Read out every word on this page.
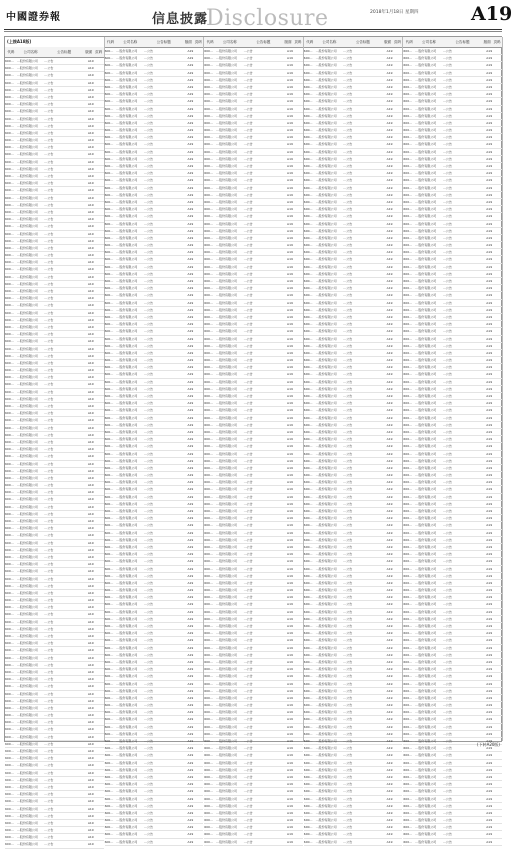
中國證券報	信息披露
Disclosure	2018年1月18日 星期四	A19
(上接A18版)
代码	公司名称	公告标题	版面 页码
600…	…股份有限公司	…公告	A19
600…	…股份有限公司	…公告	A19
600…	…股份有限公司	…公告	A19
600…	…股份有限公司	…公告	A19
600…	…股份有限公司	…公告	A19
600…	…股份有限公司	…公告	A19
600…	…股份有限公司	…公告	A19
600…	…股份有限公司	…公告	A19
600…	…股份有限公司	…公告	A19
600…	…股份有限公司	…公告	A19
600…	…股份有限公司	…公告	A19
600…	…股份有限公司	…公告	A19
600…	…股份有限公司	…公告	A19
600…	…股份有限公司	…公告	A19
600…	…股份有限公司	…公告	A19
600…	…股份有限公司	…公告	A19
600…	…股份有限公司	…公告	A19
600…	…股份有限公司	…公告	A19
600…	…股份有限公司	…公告	A19
600…	…股份有限公司	…公告	A19
600…	…股份有限公司	…公告	A19
600…	…股份有限公司	…公告	A19
600…	…股份有限公司	…公告	A19
600…	…股份有限公司	…公告	A19
600…	…股份有限公司	…公告	A19
600…	…股份有限公司	…公告	A19
600…	…股份有限公司	…公告	A19
600…	…股份有限公司	…公告	A19
600…	…股份有限公司	…公告	A19
600…	…股份有限公司	…公告	A19
600…	…股份有限公司	…公告	A19
600…	…股份有限公司	…公告	A19
600…	…股份有限公司	…公告	A19
600…	…股份有限公司	…公告	A19
600…	…股份有限公司	…公告	A19
600…	…股份有限公司	…公告	A19
600…	…股份有限公司	…公告	A19
600…	…股份有限公司	…公告	A19
600…	…股份有限公司	…公告	A19
600…	…股份有限公司	…公告	A19
600…	…股份有限公司	…公告	A19
600…	…股份有限公司	…公告	A19
600…	…股份有限公司	…公告	A19
600…	…股份有限公司	…公告	A19
600…	…股份有限公司	…公告	A19
600…	…股份有限公司	…公告	A19
600…	…股份有限公司	…公告	A19
600…	…股份有限公司	…公告	A19
600…	…股份有限公司	…公告	A19
600…	…股份有限公司	…公告	A19
600…	…股份有限公司	…公告	A19
600…	…股份有限公司	…公告	A19
600…	…股份有限公司	…公告	A19
600…	…股份有限公司	…公告	A19
600…	…股份有限公司	…公告	A19
600…	…股份有限公司	…公告	A19
600…	…股份有限公司	…公告	A19
600…	…股份有限公司	…公告	A19
600…	…股份有限公司	…公告	A19
600…	…股份有限公司	…公告	A19
600…	…股份有限公司	…公告	A19
600…	…股份有限公司	…公告	A19
600…	…股份有限公司	…公告	A19
600…	…股份有限公司	…公告	A19
600…	…股份有限公司	…公告	A19
600…	…股份有限公司	…公告	A19
600…	…股份有限公司	…公告	A19
600…	…股份有限公司	…公告	A19
600…	…股份有限公司	…公告	A19
600…	…股份有限公司	…公告	A19
600…	…股份有限公司	…公告	A19
600…	…股份有限公司	…公告	A19
600…	…股份有限公司	…公告	A19
600…	…股份有限公司	…公告	A19
600…	…股份有限公司	…公告	A19
600…	…股份有限公司	…公告	A19
600…	…股份有限公司	…公告	A19
600…	…股份有限公司	…公告	A19
600…	…股份有限公司	…公告	A19
600…	…股份有限公司	…公告	A19
600…	…股份有限公司	…公告	A19
600…	…股份有限公司	…公告	A19
600…	…股份有限公司	…公告	A19
600…	…股份有限公司	…公告	A19
600…	…股份有限公司	…公告	A19
600…	…股份有限公司	…公告	A19
600…	…股份有限公司	…公告	A19
600…	…股份有限公司	…公告	A19
600…	…股份有限公司	…公告	A19
600…	…股份有限公司	…公告	A19
600…	…股份有限公司	…公告	A19
600…	…股份有限公司	…公告	A19
600…	…股份有限公司	…公告	A19
600…	…股份有限公司	…公告	A19
600…	…股份有限公司	…公告	A19
600…	…股份有限公司	…公告	A19
600…	…股份有限公司	…公告	A19
600…	…股份有限公司	…公告	A19
600…	…股份有限公司	…公告	A19
600…	…股份有限公司	…公告	A19
600…	…股份有限公司	…公告	A19
600…	…股份有限公司	…公告	A19
600…	…股份有限公司	…公告	A19
600…	…股份有限公司	…公告	A19
600…	…股份有限公司	…公告	A19
600…	…股份有限公司	…公告	A19
600…	…股份有限公司	…公告	A19
600…	…股份有限公司	…公告	A19
600…	…股份有限公司	…公告	A19
600…	…股份有限公司	…公告	A19
代码	公司名称	公告标题	版面 页码
600…	…股份有限公司	…公告	A19
600…	…股份有限公司	…公告	A19
600…	…股份有限公司	…公告	A19
600…	…股份有限公司	…公告	A19
600…	…股份有限公司	…公告	A19
600…	…股份有限公司	…公告	A19
600…	…股份有限公司	…公告	A19
600…	…股份有限公司	…公告	A19
600…	…股份有限公司	…公告	A19
600…	…股份有限公司	…公告	A19
600…	…股份有限公司	…公告	A19
600…	…股份有限公司	…公告	A19
600…	…股份有限公司	…公告	A19
600…	…股份有限公司	…公告	A19
600…	…股份有限公司	…公告	A19
600…	…股份有限公司	…公告	A19
600…	…股份有限公司	…公告	A19
600…	…股份有限公司	…公告	A19
600…	…股份有限公司	…公告	A19
600…	…股份有限公司	…公告	A19
600…	…股份有限公司	…公告	A19
600…	…股份有限公司	…公告	A19
600…	…股份有限公司	…公告	A19
600…	…股份有限公司	…公告	A19
600…	…股份有限公司	…公告	A19
600…	…股份有限公司	…公告	A19
600…	…股份有限公司	…公告	A19
600…	…股份有限公司	…公告	A19
600…	…股份有限公司	…公告	A19
600…	…股份有限公司	…公告	A19
600…	…股份有限公司	…公告	A19
600…	…股份有限公司	…公告	A19
600…	…股份有限公司	…公告	A19
600…	…股份有限公司	…公告	A19
600…	…股份有限公司	…公告	A19
600…	…股份有限公司	…公告	A19
600…	…股份有限公司	…公告	A19
600…	…股份有限公司	…公告	A19
600…	…股份有限公司	…公告	A19
600…	…股份有限公司	…公告	A19
600…	…股份有限公司	…公告	A19
600…	…股份有限公司	…公告	A19
600…	…股份有限公司	…公告	A19
600…	…股份有限公司	…公告	A19
600…	…股份有限公司	…公告	A19
600…	…股份有限公司	…公告	A19
600…	…股份有限公司	…公告	A19
600…	…股份有限公司	…公告	A19
600…	…股份有限公司	…公告	A19
600…	…股份有限公司	…公告	A19
600…	…股份有限公司	…公告	A19
600…	…股份有限公司	…公告	A19
600…	…股份有限公司	…公告	A19
600…	…股份有限公司	…公告	A19
600…	…股份有限公司	…公告	A19
600…	…股份有限公司	…公告	A19
600…	…股份有限公司	…公告	A19
600…	…股份有限公司	…公告	A19
600…	…股份有限公司	…公告	A19
600…	…股份有限公司	…公告	A19
600…	…股份有限公司	…公告	A19
600…	…股份有限公司	…公告	A19
600…	…股份有限公司	…公告	A19
600…	…股份有限公司	…公告	A19
600…	…股份有限公司	…公告	A19
600…	…股份有限公司	…公告	A19
600…	…股份有限公司	…公告	A19
600…	…股份有限公司	…公告	A19
600…	…股份有限公司	…公告	A19
600…	…股份有限公司	…公告	A19
600…	…股份有限公司	…公告	A19
600…	…股份有限公司	…公告	A19
600…	…股份有限公司	…公告	A19
600…	…股份有限公司	…公告	A19
600…	…股份有限公司	…公告	A19
600…	…股份有限公司	…公告	A19
600…	…股份有限公司	…公告	A19
600…	…股份有限公司	…公告	A19
600…	…股份有限公司	…公告	A19
600…	…股份有限公司	…公告	A19
600…	…股份有限公司	…公告	A19
600…	…股份有限公司	…公告	A19
600…	…股份有限公司	…公告	A19
600…	…股份有限公司	…公告	A19
600…	…股份有限公司	…公告	A19
600…	…股份有限公司	…公告	A19
600…	…股份有限公司	…公告	A19
600…	…股份有限公司	…公告	A19
600…	…股份有限公司	…公告	A19
600…	…股份有限公司	…公告	A19
600…	…股份有限公司	…公告	A19
600…	…股份有限公司	…公告	A19
600…	…股份有限公司	…公告	A19
600…	…股份有限公司	…公告	A19
600…	…股份有限公司	…公告	A19
600…	…股份有限公司	…公告	A19
600…	…股份有限公司	…公告	A19
600…	…股份有限公司	…公告	A19
600…	…股份有限公司	…公告	A19
600…	…股份有限公司	…公告	A19
600…	…股份有限公司	…公告	A19
600…	…股份有限公司	…公告	A19
600…	…股份有限公司	…公告	A19
600…	…股份有限公司	…公告	A19
600…	…股份有限公司	…公告	A19
600…	…股份有限公司	…公告	A19
600…	…股份有限公司	…公告	A19
600…	…股份有限公司	…公告	A19
600…	…股份有限公司	…公告	A19
600…	…股份有限公司	…公告	A19
600…	…股份有限公司	…公告	A19
代码	公司名称	公告标题	版面 页码
600…	…股份有限公司	…公告	A19
600…	…股份有限公司	…公告	A19
600…	…股份有限公司	…公告	A19
600…	…股份有限公司	…公告	A19
600…	…股份有限公司	…公告	A19
600…	…股份有限公司	…公告	A19
600…	…股份有限公司	…公告	A19
600…	…股份有限公司	…公告	A19
600…	…股份有限公司	…公告	A19
600…	…股份有限公司	…公告	A19
600…	…股份有限公司	…公告	A19
600…	…股份有限公司	…公告	A19
600…	…股份有限公司	…公告	A19
600…	…股份有限公司	…公告	A19
600…	…股份有限公司	…公告	A19
600…	…股份有限公司	…公告	A19
600…	…股份有限公司	…公告	A19
600…	…股份有限公司	…公告	A19
600…	…股份有限公司	…公告	A19
600…	…股份有限公司	…公告	A19
600…	…股份有限公司	…公告	A19
600…	…股份有限公司	…公告	A19
600…	…股份有限公司	…公告	A19
600…	…股份有限公司	…公告	A19
600…	…股份有限公司	…公告	A19
600…	…股份有限公司	…公告	A19
600…	…股份有限公司	…公告	A19
600…	…股份有限公司	…公告	A19
600…	…股份有限公司	…公告	A19
600…	…股份有限公司	…公告	A19
600…	…股份有限公司	…公告	A19
600…	…股份有限公司	…公告	A19
600…	…股份有限公司	…公告	A19
600…	…股份有限公司	…公告	A19
600…	…股份有限公司	…公告	A19
600…	…股份有限公司	…公告	A19
600…	…股份有限公司	…公告	A19
600…	…股份有限公司	…公告	A19
600…	…股份有限公司	…公告	A19
600…	…股份有限公司	…公告	A19
600…	…股份有限公司	…公告	A19
600…	…股份有限公司	…公告	A19
600…	…股份有限公司	…公告	A19
600…	…股份有限公司	…公告	A19
600…	…股份有限公司	…公告	A19
600…	…股份有限公司	…公告	A19
600…	…股份有限公司	…公告	A19
600…	…股份有限公司	…公告	A19
600…	…股份有限公司	…公告	A19
600…	…股份有限公司	…公告	A19
600…	…股份有限公司	…公告	A19
600…	…股份有限公司	…公告	A19
600…	…股份有限公司	…公告	A19
600…	…股份有限公司	…公告	A19
600…	…股份有限公司	…公告	A19
600…	…股份有限公司	…公告	A19
600…	…股份有限公司	…公告	A19
600…	…股份有限公司	…公告	A19
600…	…股份有限公司	…公告	A19
600…	…股份有限公司	…公告	A19
600…	…股份有限公司	…公告	A19
600…	…股份有限公司	…公告	A19
600…	…股份有限公司	…公告	A19
600…	…股份有限公司	…公告	A19
600…	…股份有限公司	…公告	A19
600…	…股份有限公司	…公告	A19
600…	…股份有限公司	…公告	A19
600…	…股份有限公司	…公告	A19
600…	…股份有限公司	…公告	A19
600…	…股份有限公司	…公告	A19
600…	…股份有限公司	…公告	A19
600…	…股份有限公司	…公告	A19
600…	…股份有限公司	…公告	A19
600…	…股份有限公司	…公告	A19
600…	…股份有限公司	…公告	A19
600…	…股份有限公司	…公告	A19
600…	…股份有限公司	…公告	A19
600…	…股份有限公司	…公告	A19
600…	…股份有限公司	…公告	A19
600…	…股份有限公司	…公告	A19
600…	…股份有限公司	…公告	A19
600…	…股份有限公司	…公告	A19
600…	…股份有限公司	…公告	A19
600…	…股份有限公司	…公告	A19
600…	…股份有限公司	…公告	A19
600…	…股份有限公司	…公告	A19
600…	…股份有限公司	…公告	A19
600…	…股份有限公司	…公告	A19
600…	…股份有限公司	…公告	A19
600…	…股份有限公司	…公告	A19
600…	…股份有限公司	…公告	A19
600…	…股份有限公司	…公告	A19
600…	…股份有限公司	…公告	A19
600…	…股份有限公司	…公告	A19
600…	…股份有限公司	…公告	A19
600…	…股份有限公司	…公告	A19
600…	…股份有限公司	…公告	A19
600…	…股份有限公司	…公告	A19
600…	…股份有限公司	…公告	A19
600…	…股份有限公司	…公告	A19
600…	…股份有限公司	…公告	A19
600…	…股份有限公司	…公告	A19
600…	…股份有限公司	…公告	A19
600…	…股份有限公司	…公告	A19
600…	…股份有限公司	…公告	A19
600…	…股份有限公司	…公告	A19
600…	…股份有限公司	…公告	A19
600…	…股份有限公司	…公告	A19
600…	…股份有限公司	…公告	A19
600…	…股份有限公司	…公告	A19
600…	…股份有限公司	…公告	A19
代码	公司名称	公告标题	版面 页码
600…	…股份有限公司	…公告	A19
600…	…股份有限公司	…公告	A19
600…	…股份有限公司	…公告	A19
600…	…股份有限公司	…公告	A19
600…	…股份有限公司	…公告	A19
600…	…股份有限公司	…公告	A19
600…	…股份有限公司	…公告	A19
600…	…股份有限公司	…公告	A19
600…	…股份有限公司	…公告	A19
600…	…股份有限公司	…公告	A19
600…	…股份有限公司	…公告	A19
600…	…股份有限公司	…公告	A19
600…	…股份有限公司	…公告	A19
600…	…股份有限公司	…公告	A19
600…	…股份有限公司	…公告	A19
600…	…股份有限公司	…公告	A19
600…	…股份有限公司	…公告	A19
600…	…股份有限公司	…公告	A19
600…	…股份有限公司	…公告	A19
600…	…股份有限公司	…公告	A19
600…	…股份有限公司	…公告	A19
600…	…股份有限公司	…公告	A19
600…	…股份有限公司	…公告	A19
600…	…股份有限公司	…公告	A19
600…	…股份有限公司	…公告	A19
600…	…股份有限公司	…公告	A19
600…	…股份有限公司	…公告	A19
600…	…股份有限公司	…公告	A19
600…	…股份有限公司	…公告	A19
600…	…股份有限公司	…公告	A19
600…	…股份有限公司	…公告	A19
600…	…股份有限公司	…公告	A19
600…	…股份有限公司	…公告	A19
600…	…股份有限公司	…公告	A19
600…	…股份有限公司	…公告	A19
600…	…股份有限公司	…公告	A19
600…	…股份有限公司	…公告	A19
600…	…股份有限公司	…公告	A19
600…	…股份有限公司	…公告	A19
600…	…股份有限公司	…公告	A19
600…	…股份有限公司	…公告	A19
600…	…股份有限公司	…公告	A19
600…	…股份有限公司	…公告	A19
600…	…股份有限公司	…公告	A19
600…	…股份有限公司	…公告	A19
600…	…股份有限公司	…公告	A19
600…	…股份有限公司	…公告	A19
600…	…股份有限公司	…公告	A19
600…	…股份有限公司	…公告	A19
600…	…股份有限公司	…公告	A19
600…	…股份有限公司	…公告	A19
600…	…股份有限公司	…公告	A19
600…	…股份有限公司	…公告	A19
600…	…股份有限公司	…公告	A19
600…	…股份有限公司	…公告	A19
600…	…股份有限公司	…公告	A19
600…	…股份有限公司	…公告	A19
600…	…股份有限公司	…公告	A19
600…	…股份有限公司	…公告	A19
600…	…股份有限公司	…公告	A19
600…	…股份有限公司	…公告	A19
600…	…股份有限公司	…公告	A19
600…	…股份有限公司	…公告	A19
600…	…股份有限公司	…公告	A19
600…	…股份有限公司	…公告	A19
600…	…股份有限公司	…公告	A19
600…	…股份有限公司	…公告	A19
600…	…股份有限公司	…公告	A19
600…	…股份有限公司	…公告	A19
600…	…股份有限公司	…公告	A19
600…	…股份有限公司	…公告	A19
600…	…股份有限公司	…公告	A19
600…	…股份有限公司	…公告	A19
600…	…股份有限公司	…公告	A19
600…	…股份有限公司	…公告	A19
600…	…股份有限公司	…公告	A19
600…	…股份有限公司	…公告	A19
600…	…股份有限公司	…公告	A19
600…	…股份有限公司	…公告	A19
600…	…股份有限公司	…公告	A19
600…	…股份有限公司	…公告	A19
600…	…股份有限公司	…公告	A19
600…	…股份有限公司	…公告	A19
600…	…股份有限公司	…公告	A19
600…	…股份有限公司	…公告	A19
600…	…股份有限公司	…公告	A19
600…	…股份有限公司	…公告	A19
600…	…股份有限公司	…公告	A19
600…	…股份有限公司	…公告	A19
600…	…股份有限公司	…公告	A19
600…	…股份有限公司	…公告	A19
600…	…股份有限公司	…公告	A19
600…	…股份有限公司	…公告	A19
600…	…股份有限公司	…公告	A19
600…	…股份有限公司	…公告	A19
600…	…股份有限公司	…公告	A19
600…	…股份有限公司	…公告	A19
600…	…股份有限公司	…公告	A19
600…	…股份有限公司	…公告	A19
600…	…股份有限公司	…公告	A19
600…	…股份有限公司	…公告	A19
600…	…股份有限公司	…公告	A19
600…	…股份有限公司	…公告	A19
600…	…股份有限公司	…公告	A19
600…	…股份有限公司	…公告	A19
600…	…股份有限公司	…公告	A19
600…	…股份有限公司	…公告	A19
600…	…股份有限公司	…公告	A19
600…	…股份有限公司	…公告	A19
600…	…股份有限公司	…公告	A19
600…	…股份有限公司	…公告	A19
代码	公司名称	公告标题	版面 页码
600…	…股份有限公司	…公告	A19
600…	…股份有限公司	…公告	A19
600…	…股份有限公司	…公告	A19
600…	…股份有限公司	…公告	A19
600…	…股份有限公司	…公告	A19
600…	…股份有限公司	…公告	A19
600…	…股份有限公司	…公告	A19
600…	…股份有限公司	…公告	A19
600…	…股份有限公司	…公告	A19
600…	…股份有限公司	…公告	A19
600…	…股份有限公司	…公告	A19
600…	…股份有限公司	…公告	A19
600…	…股份有限公司	…公告	A19
600…	…股份有限公司	…公告	A19
600…	…股份有限公司	…公告	A19
600…	…股份有限公司	…公告	A19
600…	…股份有限公司	…公告	A19
600…	…股份有限公司	…公告	A19
600…	…股份有限公司	…公告	A19
600…	…股份有限公司	…公告	A19
600…	…股份有限公司	…公告	A19
600…	…股份有限公司	…公告	A19
600…	…股份有限公司	…公告	A19
600…	…股份有限公司	…公告	A19
600…	…股份有限公司	…公告	A19
600…	…股份有限公司	…公告	A19
600…	…股份有限公司	…公告	A19
600…	…股份有限公司	…公告	A19
600…	…股份有限公司	…公告	A19
600…	…股份有限公司	…公告	A19
600…	…股份有限公司	…公告	A19
600…	…股份有限公司	…公告	A19
600…	…股份有限公司	…公告	A19
600…	…股份有限公司	…公告	A19
600…	…股份有限公司	…公告	A19
600…	…股份有限公司	…公告	A19
600…	…股份有限公司	…公告	A19
600…	…股份有限公司	…公告	A19
600…	…股份有限公司	…公告	A19
600…	…股份有限公司	…公告	A19
600…	…股份有限公司	…公告	A19
600…	…股份有限公司	…公告	A19
600…	…股份有限公司	…公告	A19
600…	…股份有限公司	…公告	A19
600…	…股份有限公司	…公告	A19
600…	…股份有限公司	…公告	A19
600…	…股份有限公司	…公告	A19
600…	…股份有限公司	…公告	A19
600…	…股份有限公司	…公告	A19
600…	…股份有限公司	…公告	A19
600…	…股份有限公司	…公告	A19
600…	…股份有限公司	…公告	A19
600…	…股份有限公司	…公告	A19
600…	…股份有限公司	…公告	A19
600…	…股份有限公司	…公告	A19
600…	…股份有限公司	…公告	A19
600…	…股份有限公司	…公告	A19
600…	…股份有限公司	…公告	A19
600…	…股份有限公司	…公告	A19
600…	…股份有限公司	…公告	A19
600…	…股份有限公司	…公告	A19
600…	…股份有限公司	…公告	A19
600…	…股份有限公司	…公告	A19
600…	…股份有限公司	…公告	A19
600…	…股份有限公司	…公告	A19
600…	…股份有限公司	…公告	A19
600…	…股份有限公司	…公告	A19
600…	…股份有限公司	…公告	A19
600…	…股份有限公司	…公告	A19
600…	…股份有限公司	…公告	A19
600…	…股份有限公司	…公告	A19
600…	…股份有限公司	…公告	A19
600…	…股份有限公司	…公告	A19
600…	…股份有限公司	…公告	A19
600…	…股份有限公司	…公告	A19
600…	…股份有限公司	…公告	A19
600…	…股份有限公司	…公告	A19
600…	…股份有限公司	…公告	A19
600…	…股份有限公司	…公告	A19
600…	…股份有限公司	…公告	A19
600…	…股份有限公司	…公告	A19
600…	…股份有限公司	…公告	A19
600…	…股份有限公司	…公告	A19
600…	…股份有限公司	…公告	A19
600…	…股份有限公司	…公告	A19
600…	…股份有限公司	…公告	A19
600…	…股份有限公司	…公告	A19
600…	…股份有限公司	…公告	A19
600…	…股份有限公司	…公告	A19
600…	…股份有限公司	…公告	A19
600…	…股份有限公司	…公告	A19
600…	…股份有限公司	…公告	A19
600…	…股份有限公司	…公告	A19
600…	…股份有限公司	…公告	A19
600…	…股份有限公司	…公告	A19
600…	…股份有限公司	…公告	A19
600…	…股份有限公司	…公告	A19
600…	…股份有限公司	…公告	A19
600…	…股份有限公司	…公告	A19
600…	…股份有限公司	…公告	A19
600…	…股份有限公司	…公告	A19
600…	…股份有限公司	…公告	A19
600…	…股份有限公司	…公告	A19
600…	…股份有限公司	…公告	A19
600…	…股份有限公司	…公告	A19
600…	…股份有限公司	…公告	A19
600…	…股份有限公司	…公告	A19
600…	…股份有限公司	…公告	A19
600…	…股份有限公司	…公告	A19
600…	…股份有限公司	…公告	A19
600…	…股份有限公司	…公告	A19
(下转A20版)
